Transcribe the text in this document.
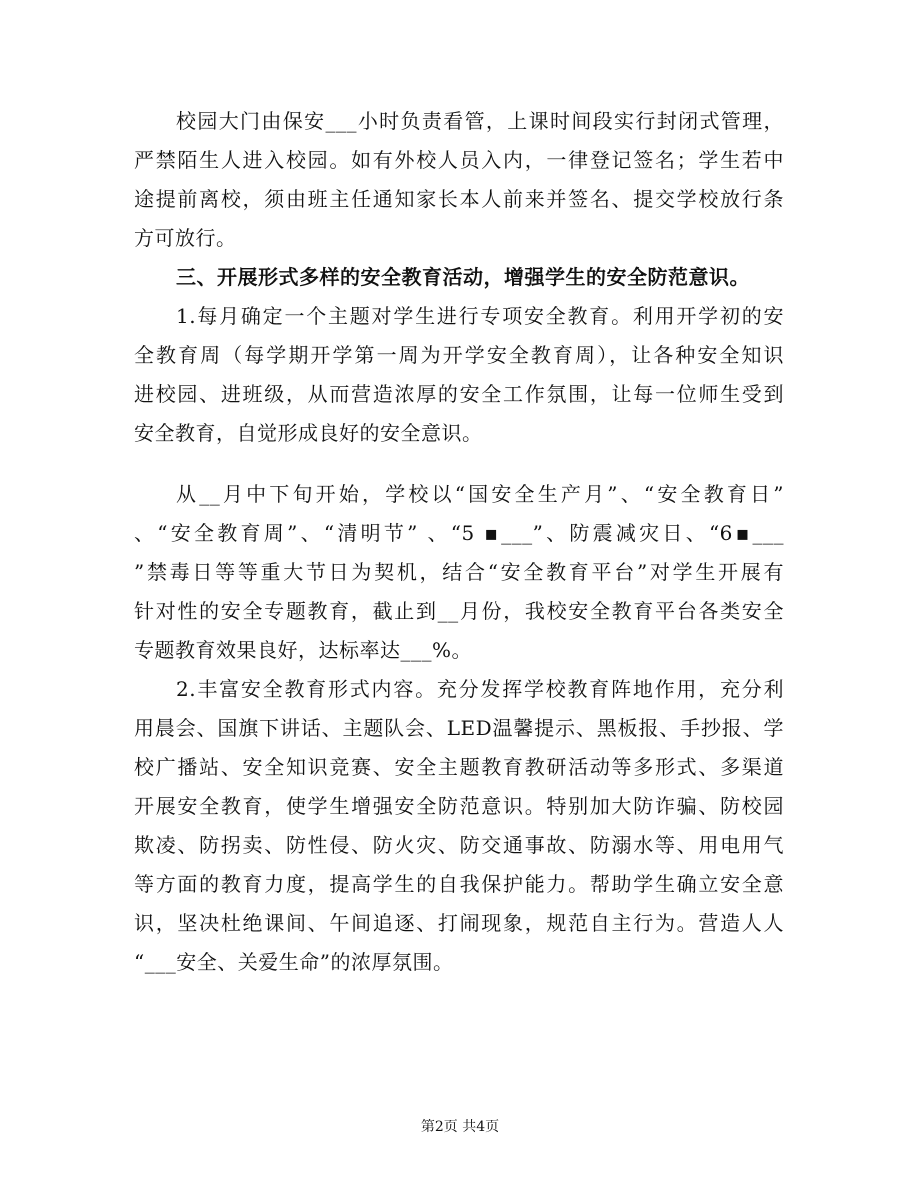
校园大门由保安___小时负责看管，上课时间段实行封闭式管理，
严禁陌生人进入校园。如有外校人员入内，一律登记签名；学生若中
途提前离校，须由班主任通知家长本人前来并签名、提交学校放行条
方可放行。
三、开展形式多样的安全教育活动，增强学生的安全防范意识。
1.每月确定一个主题对学生进行专项安全教育。利用开学初的安
全教育周（每学期开学第一周为开学安全教育周），让各种安全知识
进校园、进班级，从而营造浓厚的安全工作氛围，让每一位师生受到
安全教育，自觉形成良好的安全意识。
从__月中下旬开始，学校以“国安全生产月”、“安全教育日”
、“安全教育周”、“清明节” 、“5 ▪___”、防震减灾日、“6▪___
”禁毒日等等重大节日为契机，结合“安全教育平台”对学生开展有
针对性的安全专题教育，截止到__月份，我校安全教育平台各类安全
专题教育效果良好，达标率达___%。
2.丰富安全教育形式内容。充分发挥学校教育阵地作用，充分利
用晨会、国旗下讲话、主题队会、LED温馨提示、黑板报、手抄报、学
校广播站、安全知识竞赛、安全主题教育教研活动等多形式、多渠道
开展安全教育，使学生增强安全防范意识。特别加大防诈骗、防校园
欺凌、防拐卖、防性侵、防火灾、防交通事故、防溺水等、用电用气
等方面的教育力度，提高学生的自我保护能力。帮助学生确立安全意
识，坚决杜绝课间、午间追逐、打闹现象，规范自主行为。营造人人
“___安全、关爱生命”的浓厚氛围。
第2页 共4页
